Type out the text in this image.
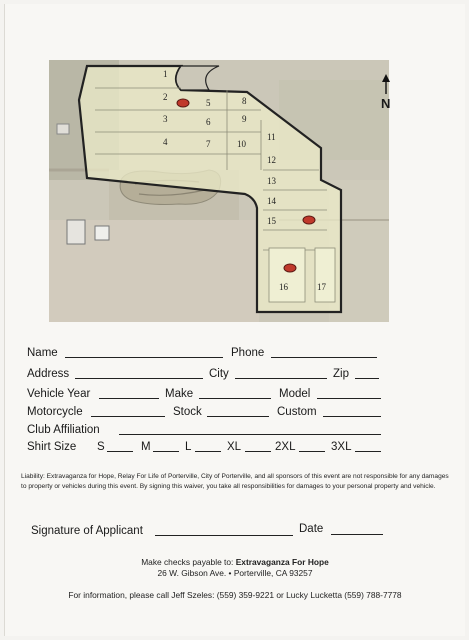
1
2
3
4
5
6
7
8
9
10
11
12
13
14
15
16	17
N
Name	Phone
Address	City	Zip
Vehicle Year	Make	Model
Motorcycle	Stock	Custom
Club Affiliation
Shirt Size S	M	L	XL	2XL	3XL
Liability: Extravaganza for Hope, Relay For Life of Porterville, City of Porterville, and all sponsors of this event are not responsible for any damages to property or vehicles during this event. By signing this waiver, you take all responsibilities for damages to your personal property and vehicle.
Signature of Applicant	Date
Make checks payable to: Extravaganza For Hope
26 W. Gibson Ave. • Porterville, CA 93257
For information, please call Jeff Szeles: (559) 359-9221 or Lucky Lucketta (559) 788-7778
